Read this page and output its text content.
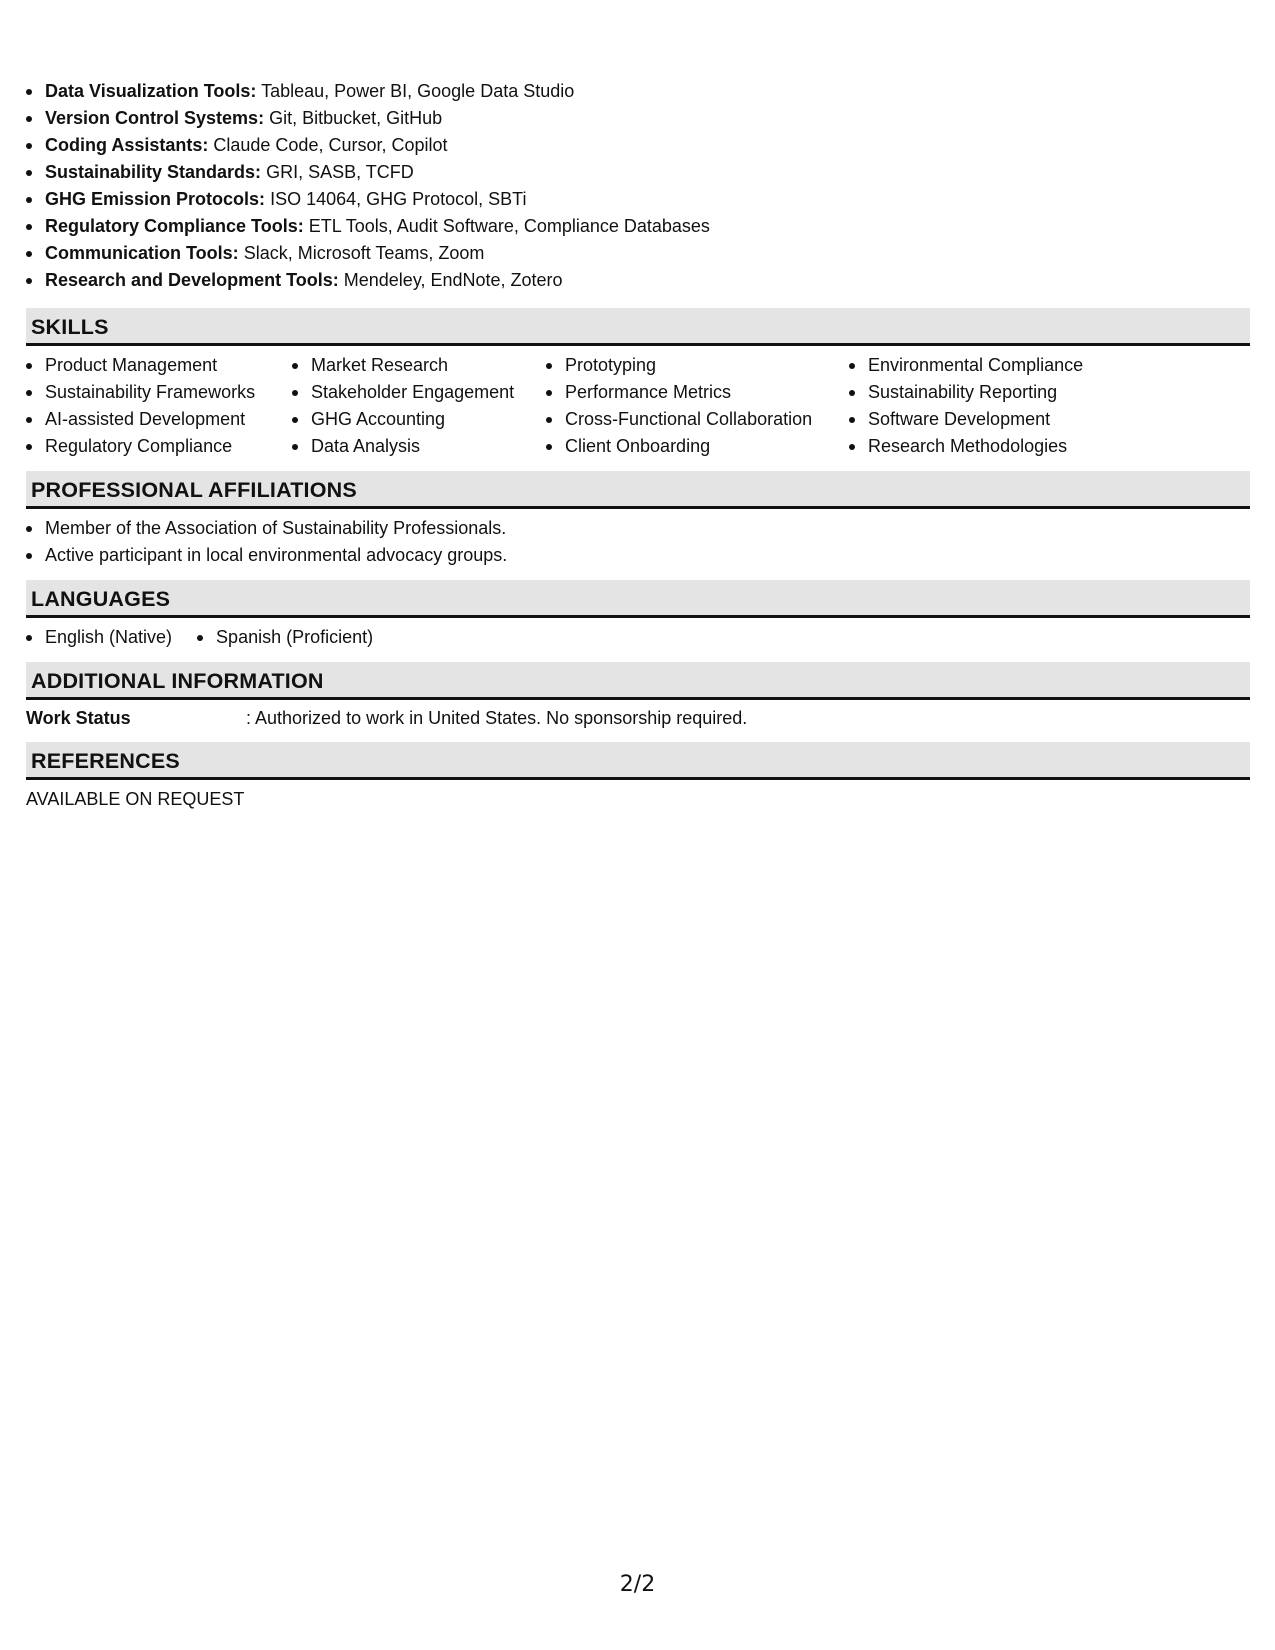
Data Visualization Tools: Tableau, Power BI, Google Data Studio
Version Control Systems: Git, Bitbucket, GitHub
Coding Assistants: Claude Code, Cursor, Copilot
Sustainability Standards: GRI, SASB, TCFD
GHG Emission Protocols: ISO 14064, GHG Protocol, SBTi
Regulatory Compliance Tools: ETL Tools, Audit Software, Compliance Databases
Communication Tools: Slack, Microsoft Teams, Zoom
Research and Development Tools: Mendeley, EndNote, Zotero
SKILLS
Product Management
Sustainability Frameworks
AI-assisted Development
Regulatory Compliance
Market Research
Stakeholder Engagement
GHG Accounting
Data Analysis
Prototyping
Performance Metrics
Cross-Functional Collaboration
Client Onboarding
Environmental Compliance
Sustainability Reporting
Software Development
Research Methodologies
PROFESSIONAL AFFILIATIONS
Member of the Association of Sustainability Professionals.
Active participant in local environmental advocacy groups.
LANGUAGES
English (Native)	Spanish (Proficient)
ADDITIONAL INFORMATION
Work Status	: Authorized to work in United States. No sponsorship required.
REFERENCES
AVAILABLE ON REQUEST
2/2
